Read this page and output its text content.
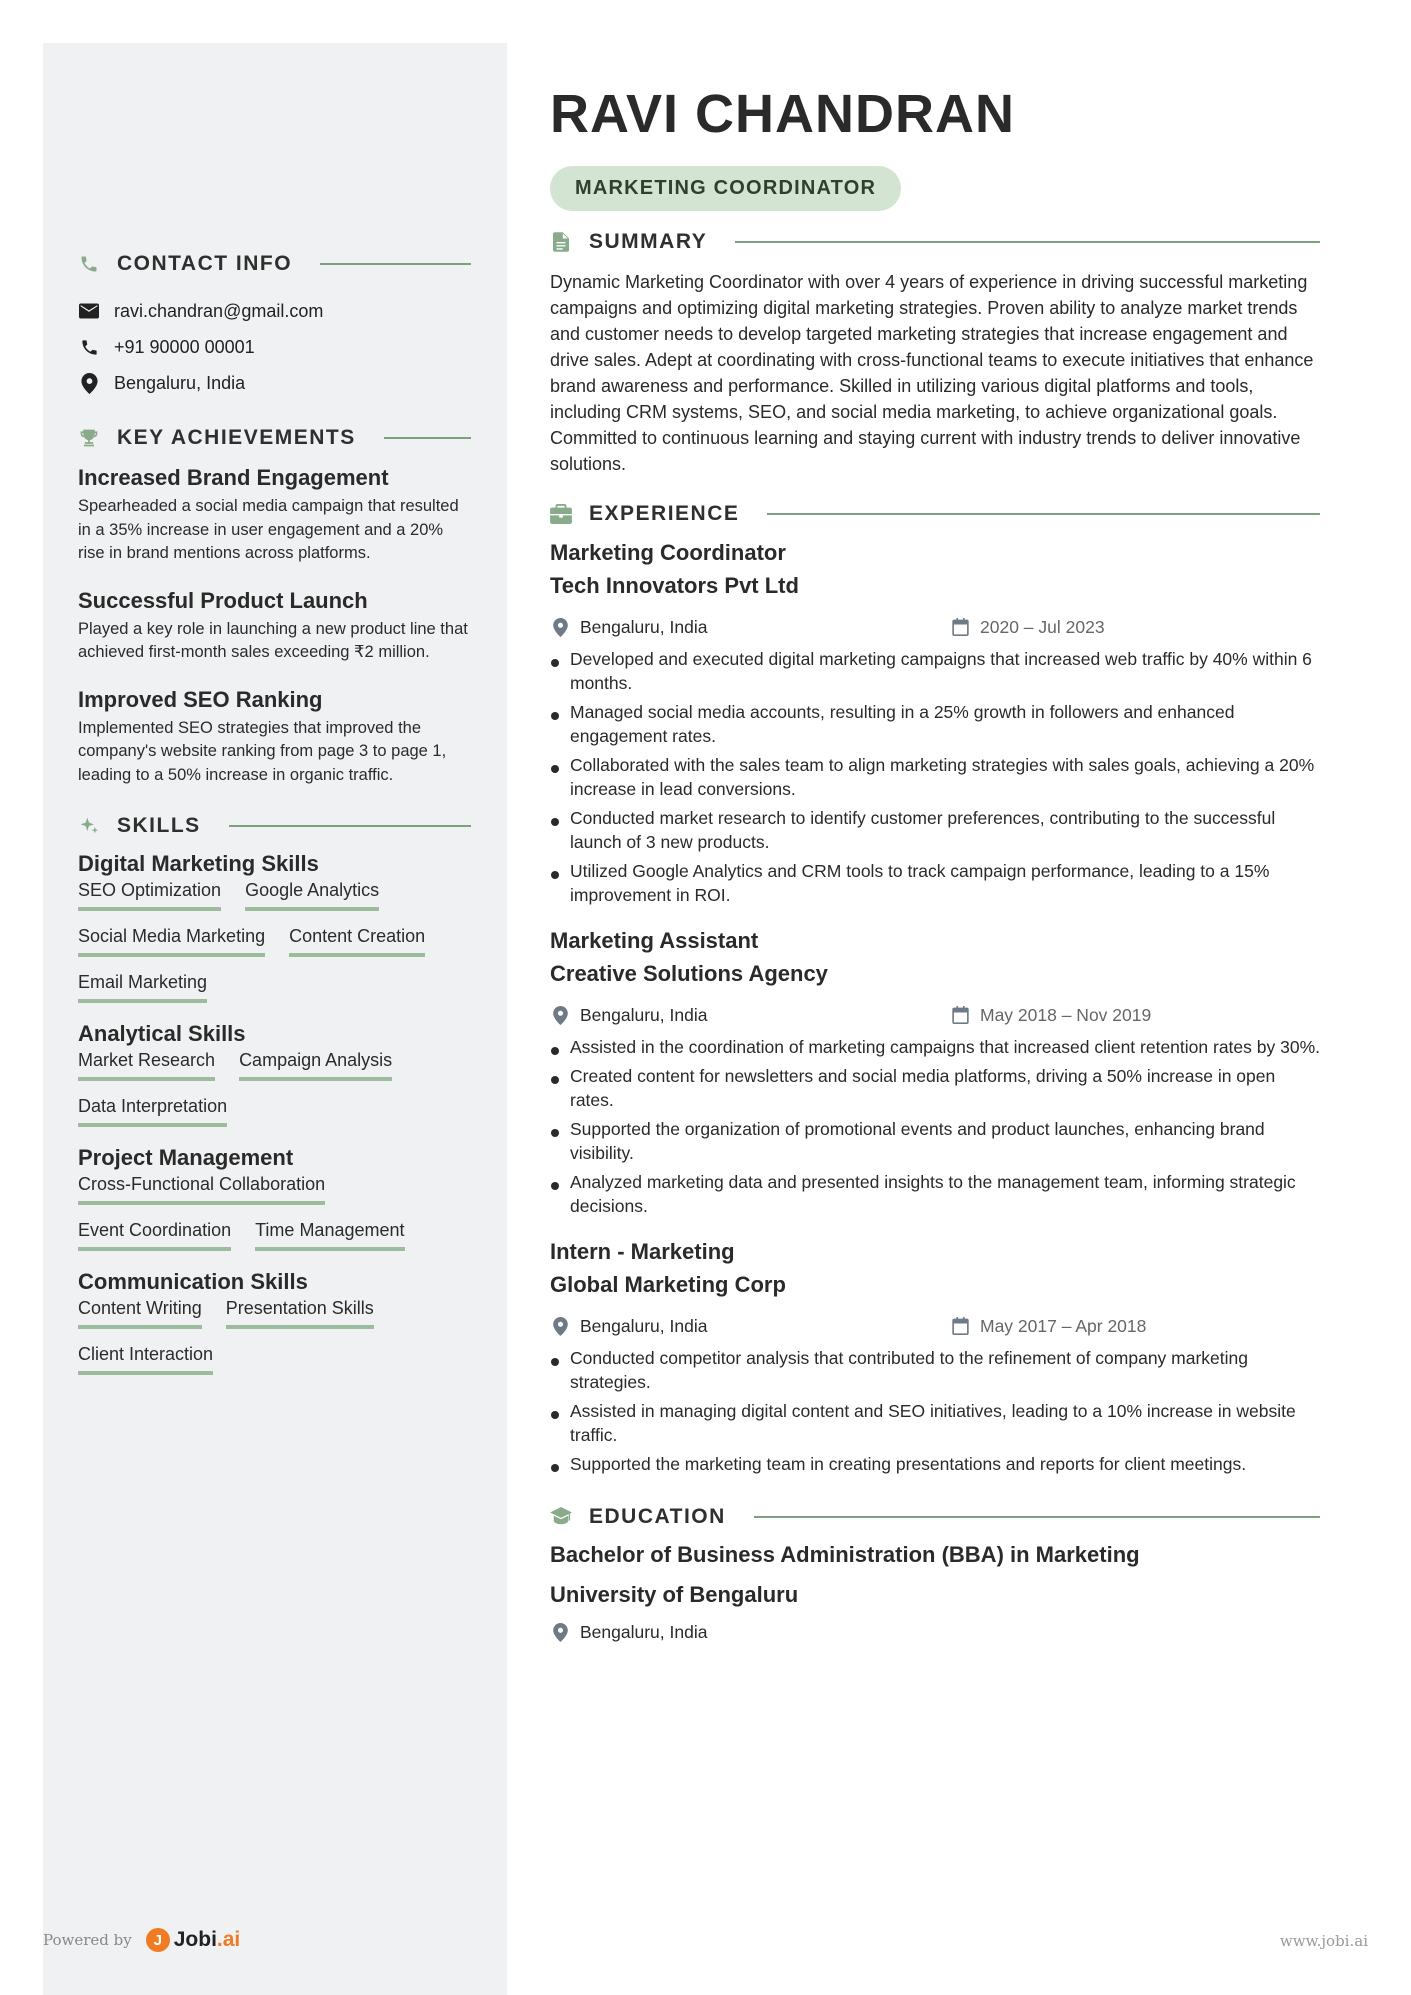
CONTACT INFO
ravi.chandran@gmail.com
+91 90000 00001
Bengaluru, India
KEY ACHIEVEMENTS
Increased Brand Engagement
Spearheaded a social media campaign that resulted in a 35% increase in user engagement and a 20% rise in brand mentions across platforms.
Successful Product Launch
Played a key role in launching a new product line that achieved first-month sales exceeding ₹2 million.
Improved SEO Ranking
Implemented SEO strategies that improved the company's website ranking from page 3 to page 1, leading to a 50% increase in organic traffic.
SKILLS
Digital Marketing Skills
SEO Optimization Google Analytics
Social Media Marketing Content Creation
Email Marketing
Analytical Skills
Market Research Campaign Analysis
Data Interpretation
Project Management
Cross-Functional Collaboration
Event Coordination Time Management
Communication Skills
Content Writing Presentation Skills
Client Interaction
RAVI CHANDRAN
MARKETING COORDINATOR
SUMMARY
Dynamic Marketing Coordinator with over 4 years of experience in driving successful marketing campaigns and optimizing digital marketing strategies. Proven ability to analyze market trends and customer needs to develop targeted marketing strategies that increase engagement and drive sales. Adept at coordinating with cross-functional teams to execute initiatives that enhance brand awareness and performance. Skilled in utilizing various digital platforms and tools, including CRM systems, SEO, and social media marketing, to achieve organizational goals. Committed to continuous learning and staying current with industry trends to deliver innovative solutions.
EXPERIENCE
Marketing Coordinator
Tech Innovators Pvt Ltd
Bengaluru, India	2020 – Jul 2023
Developed and executed digital marketing campaigns that increased web traffic by 40% within 6 months.
Managed social media accounts, resulting in a 25% growth in followers and enhanced engagement rates.
Collaborated with the sales team to align marketing strategies with sales goals, achieving a 20% increase in lead conversions.
Conducted market research to identify customer preferences, contributing to the successful launch of 3 new products.
Utilized Google Analytics and CRM tools to track campaign performance, leading to a 15% improvement in ROI.
Marketing Assistant
Creative Solutions Agency
Bengaluru, India	May 2018 – Nov 2019
Assisted in the coordination of marketing campaigns that increased client retention rates by 30%.
Created content for newsletters and social media platforms, driving a 50% increase in open rates.
Supported the organization of promotional events and product launches, enhancing brand visibility.
Analyzed marketing data and presented insights to the management team, informing strategic decisions.
Intern - Marketing
Global Marketing Corp
Bengaluru, India	May 2017 – Apr 2018
Conducted competitor analysis that contributed to the refinement of company marketing strategies.
Assisted in managing digital content and SEO initiatives, leading to a 10% increase in website traffic.
Supported the marketing team in creating presentations and reports for client meetings.
EDUCATION
Bachelor of Business Administration (BBA) in Marketing
University of Bengaluru
Bengaluru, India
Powered by	J Jobi .ai	www.jobi.ai
